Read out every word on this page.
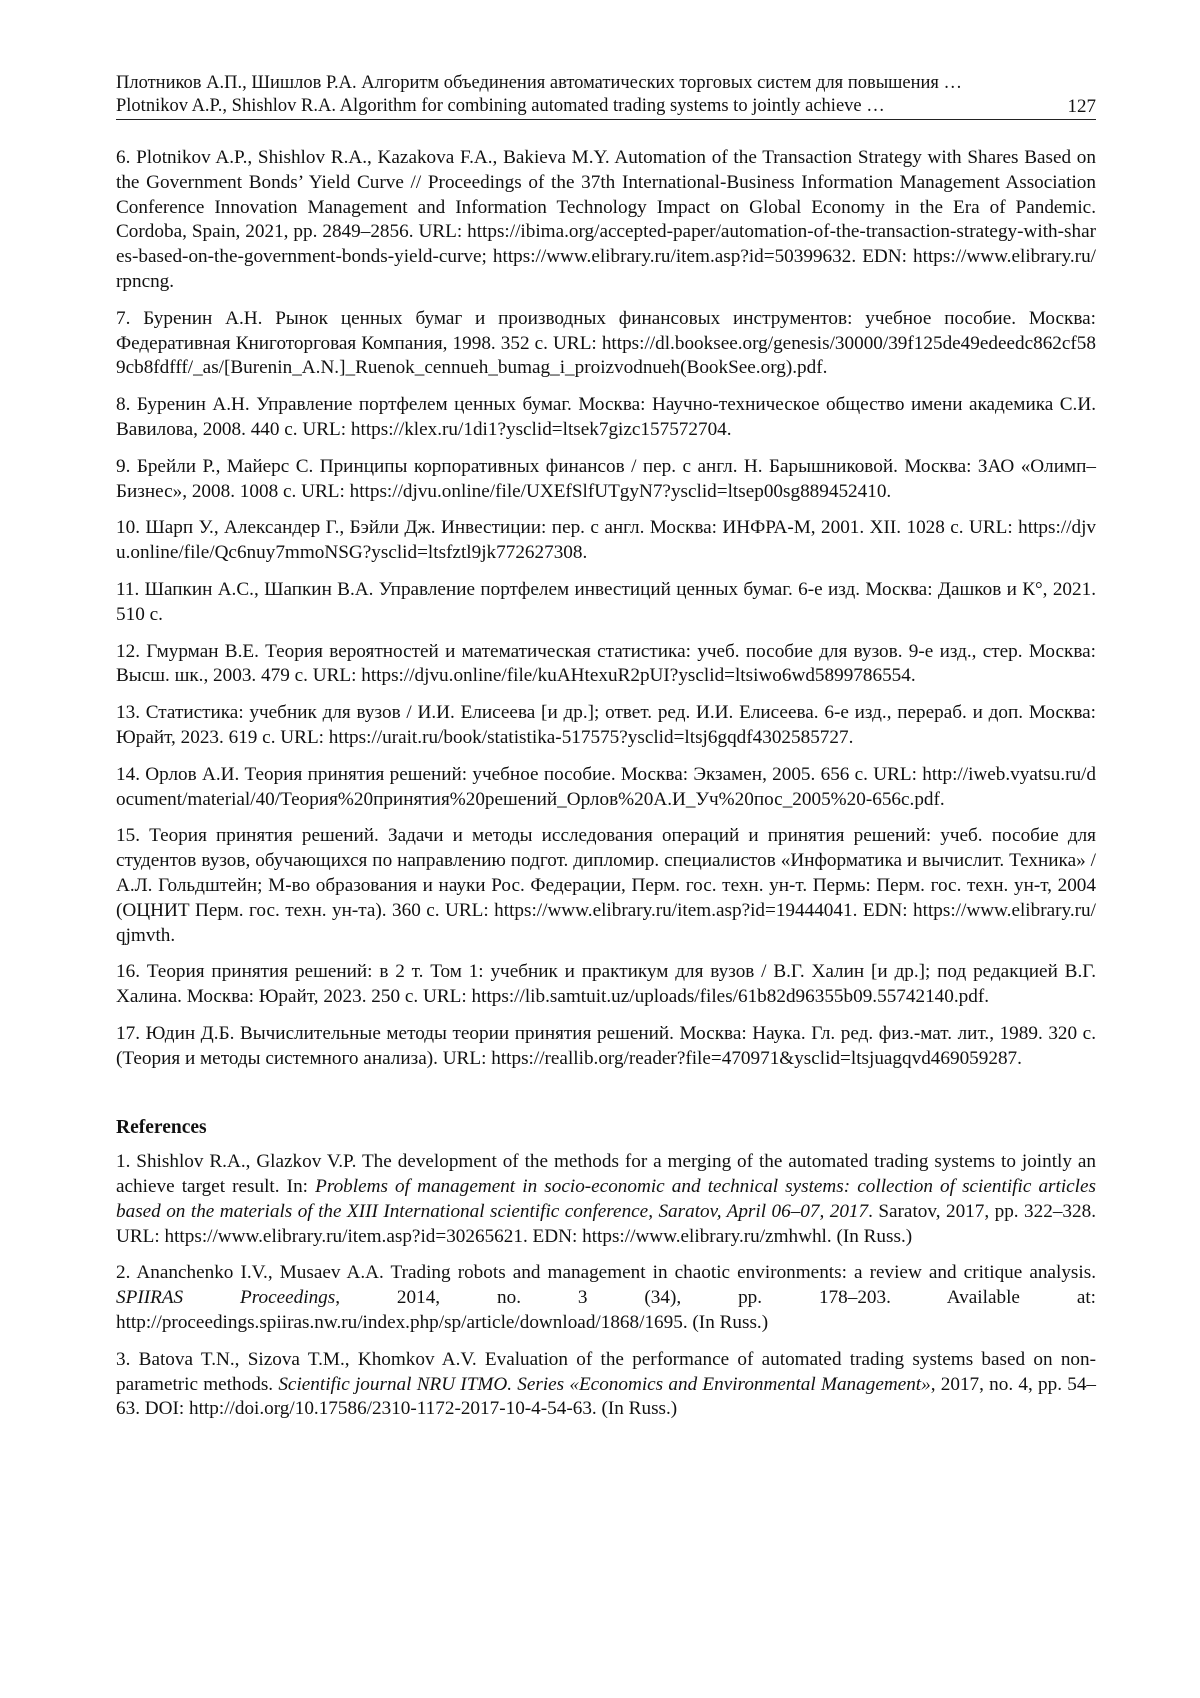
Плотников А.П., Шишлов Р.А. Алгоритм объединения автоматических торговых систем для повышения …
Plotnikov A.P., Shishlov R.A. Algorithm for combining automated trading systems to jointly achieve …	127

6. Plotnikov A.P., Shishlov R.A., Kazakova F.A., Bakieva M.Y. Automation of the Transaction Strategy with Shares Based on the Government Bonds’ Yield Curve // Proceedings of the 37th International-Business Information Management Association Conference Innovation Management and Information Technology Impact on Global Economy in the Era of Pandemic. Cordoba, Spain, 2021, pp. 2849–2856. URL: https://ibima.org/accepted-paper/automation-of-the-transaction-strategy-with-shares-based-on-the-government-bonds-yield-curve; https://www.elibrary.ru/item.asp?id=50399632. EDN: https://www.elibrary.ru/rpncng.

7. Буренин А.Н. Рынок ценных бумаг и производных финансовых инструментов: учебное пособие. Москва: Федеративная Книготорговая Компания, 1998. 352 с. URL: https://dl.booksee.org/genesis/30000/39f125de49edeedc862cf589cb8fdfff/_as/[Burenin_A.N.]_Ruenok_cennueh_bumag_i_proizvodnueh(BookSee.org).pdf.

8. Буренин А.Н. Управление портфелем ценных бумаг. Москва: Научно-техническое общество имени академика С.И. Вавилова, 2008. 440 с. URL: https://klex.ru/1di1?ysclid=ltsek7gizc157572704.

9. Брейли Р., Майерс С. Принципы корпоративных финансов / пер. с англ. Н. Барышниковой. Москва: ЗАО «Олимп–Бизнес», 2008. 1008 с. URL: https://djvu.online/file/UXEfSlfUTgyN7?ysclid=ltsep00sg889452410.

10. Шарп У., Александер Г., Бэйли Дж. Инвестиции: пер. с англ. Москва: ИНФРА-М, 2001. XII. 1028 с. URL: https://djvu.online/file/Qc6nuy7mmoNSG?ysclid=ltsfztl9jk772627308.

11. Шапкин А.С., Шапкин В.А. Управление портфелем инвестиций ценных бумаг. 6-е изд. Москва: Дашков и К°, 2021. 510 с.

12. Гмурман В.Е. Теория вероятностей и математическая статистика: учеб. пособие для вузов. 9-е изд., стер. Москва: Высш. шк., 2003. 479 с. URL: https://djvu.online/file/kuAHtexuR2pUI?ysclid=ltsiwo6wd5899786554.

13. Статистика: учебник для вузов / И.И. Елисеева [и др.]; ответ. ред. И.И. Елисеева. 6-е изд., перераб. и доп. Москва: Юрайт, 2023. 619 с. URL: https://urait.ru/book/statistika-517575?ysclid=ltsj6gqdf4302585727.

14. Орлов А.И. Теория принятия решений: учебное пособие. Москва: Экзамен, 2005. 656 с. URL: http://iweb.vyatsu.ru/document/material/40/Теория%20принятия%20решений_Орлов%20А.И_Уч%20пос_2005%20-656c.pdf.

15. Теория принятия решений. Задачи и методы исследования операций и принятия решений: учеб. пособие для студентов вузов, обучающихся по направлению подгот. дипломир. специалистов «Информатика и вычислит. Техника» / А.Л. Гольдштейн; М-во образования и науки Рос. Федерации, Перм. гос. техн. ун-т. Пермь: Перм. гос. техн. ун-т, 2004 (ОЦНИТ Перм. гос. техн. ун-та). 360 с. URL: https://www.elibrary.ru/item.asp?id=19444041. EDN: https://www.elibrary.ru/qjmvth.

16. Теория принятия решений: в 2 т. Том 1: учебник и практикум для вузов / В.Г. Халин [и др.]; под редакцией В.Г. Халина. Москва: Юрайт, 2023. 250 с. URL: https://lib.samtuit.uz/uploads/files/61b82d96355b09.55742140.pdf.

17. Юдин Д.Б. Вычислительные методы теории принятия решений. Москва: Наука. Гл. ред. физ.-мат. лит., 1989. 320 с. (Теория и методы системного анализа). URL: https://reallib.org/reader?file=470971&ysclid=ltsjuagqvd469059287.

References

1. Shishlov R.A., Glazkov V.P. The development of the methods for a merging of the automated trading systems to jointly an achieve target result. In: Problems of management in socio-economic and technical systems: collection of scientific articles based on the materials of the XIII International scientific conference, Saratov, April 06–07, 2017. Saratov, 2017, pp. 322–328. URL: https://www.elibrary.ru/item.asp?id=30265621. EDN: https://www.elibrary.ru/zmhwhl. (In Russ.)

2. Ananchenko I.V., Musaev A.A. Trading robots and management in chaotic environments: a review and critique analysis. SPIIRAS Proceedings, 2014, no. 3 (34), pp. 178–203. Available at: http://proceedings.spiiras.nw.ru/index.php/sp/article/download/1868/1695. (In Russ.)

3. Batova T.N., Sizova T.M., Khomkov A.V. Evaluation of the performance of automated trading systems based on non-parametric methods. Scientific journal NRU ITMO. Series «Economics and Environmental Management», 2017, no. 4, pp. 54–63. DOI: http://doi.org/10.17586/2310-1172-2017-10-4-54-63. (In Russ.)
